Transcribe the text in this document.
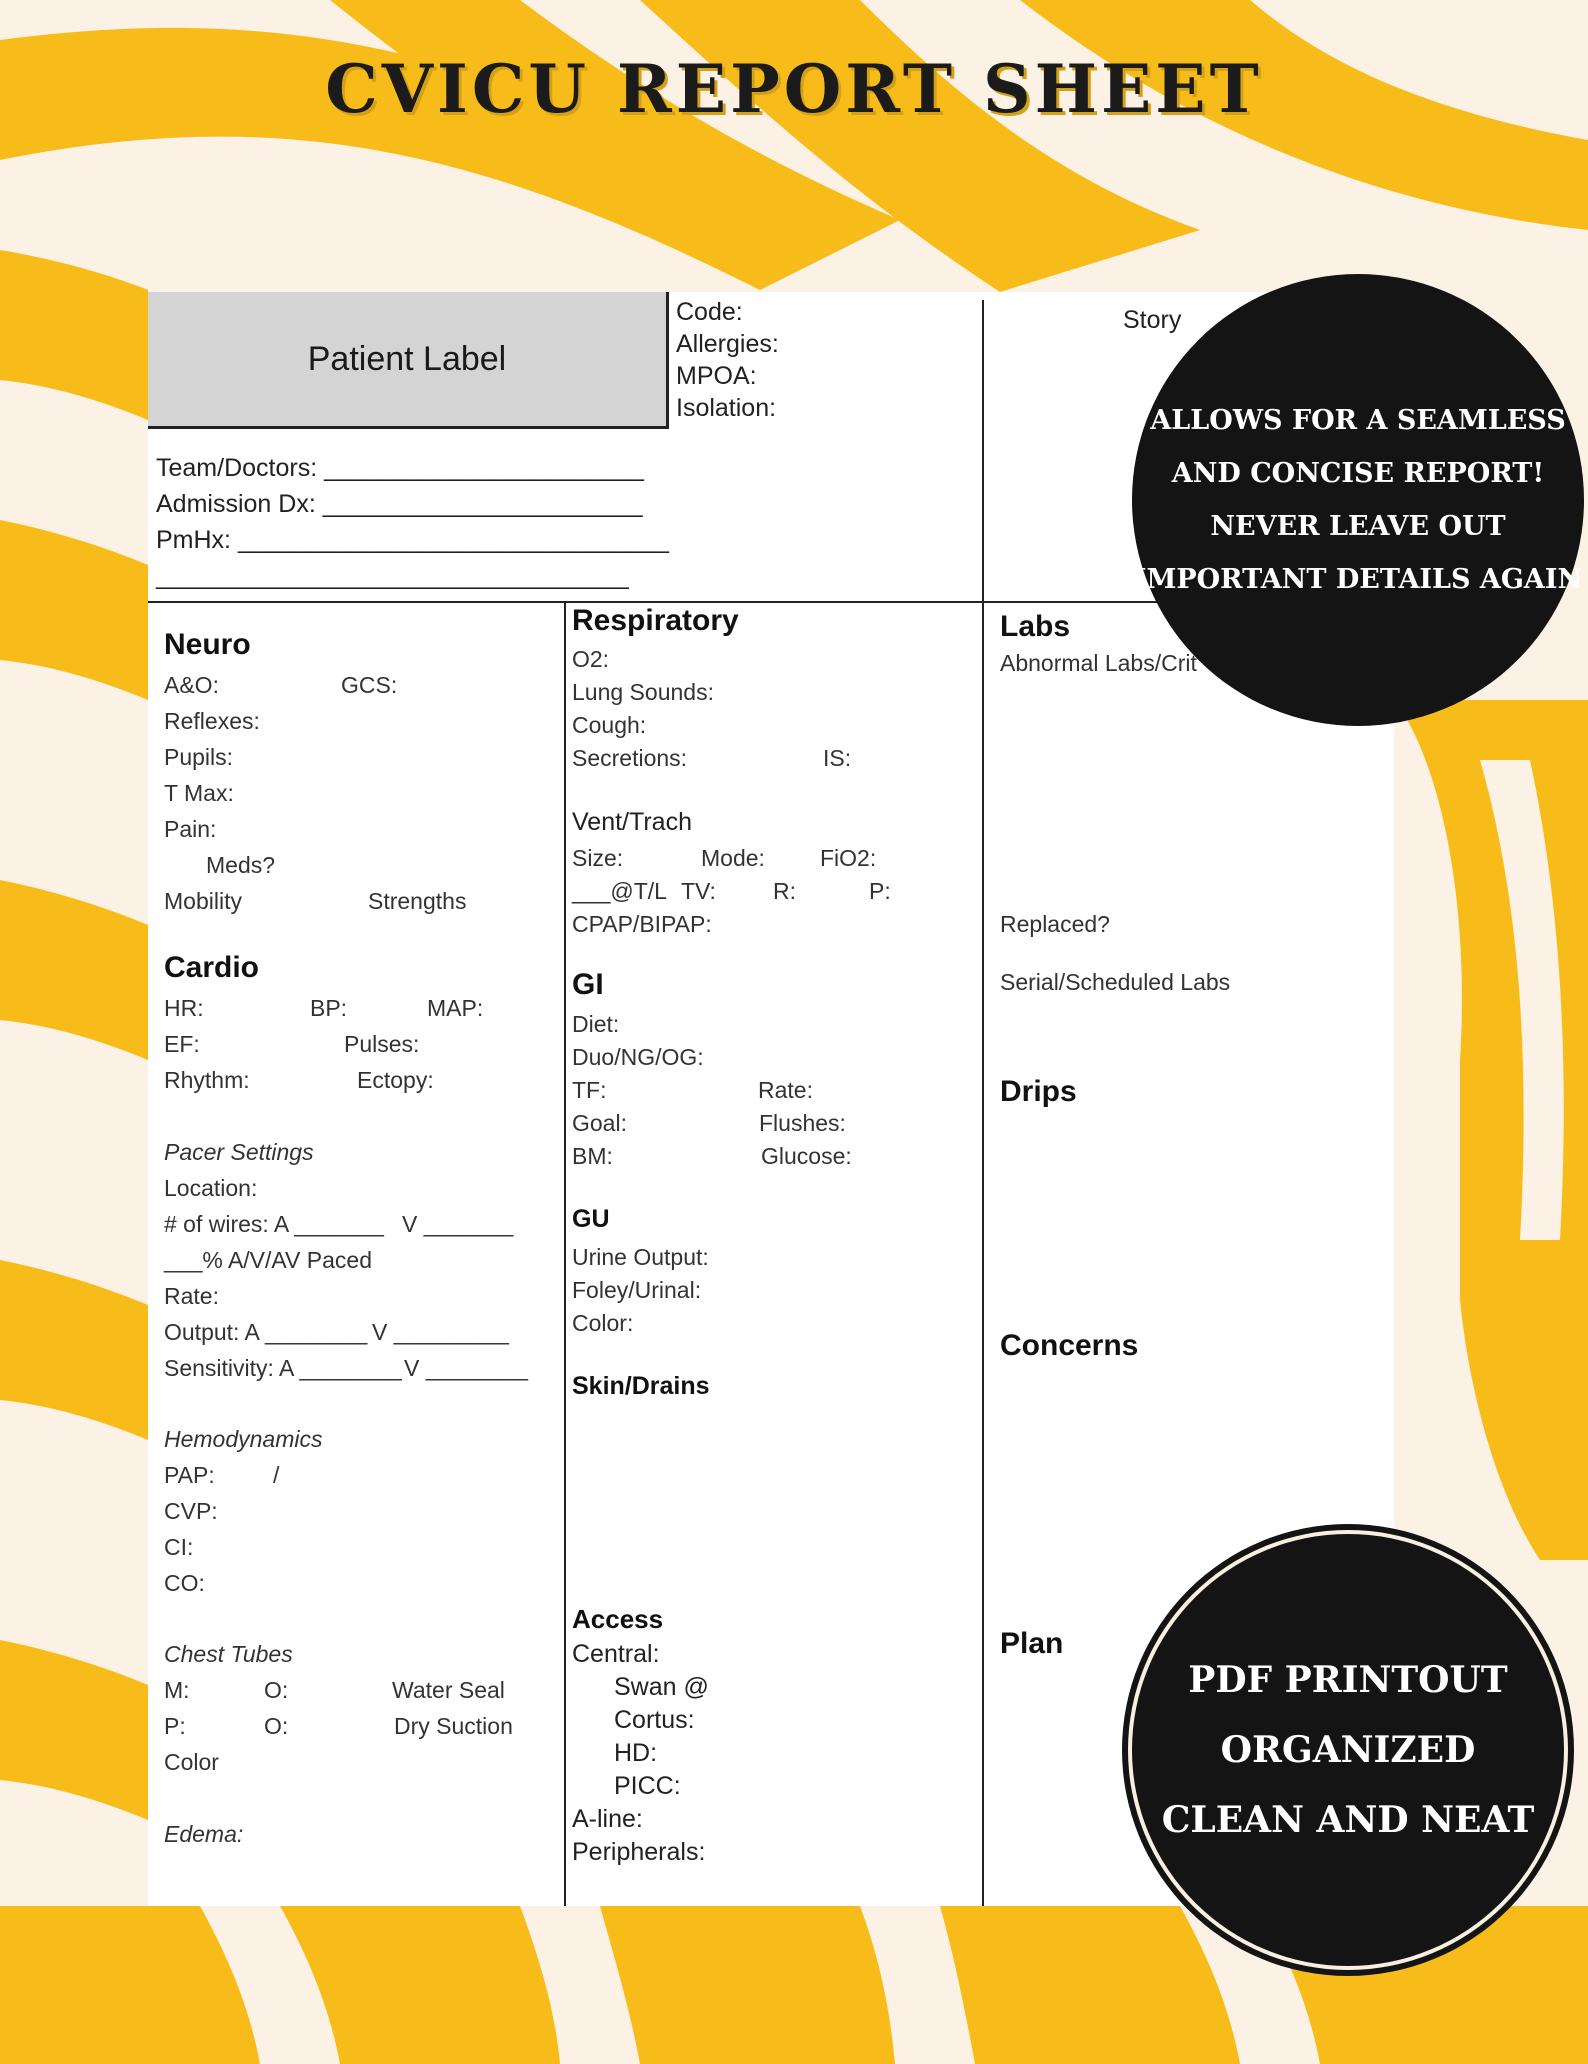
CVICU REPORT SHEET
Patient Label
Code:
Allergies:
MPOA:
Isolation:
Story
Team/Doctors: _______________________
Admission Dx: _______________________
PmHx: _______________________________
__________________________________
Neuro
A&O:	GCS:
Reflexes:
Pupils:
T Max:
Pain:
Meds?
Mobility	Strengths
Cardio
HR:	BP:	MAP:
EF:	Pulses:
Rhythm:	Ectopy:
Pacer Settings
Location:
# of wires: A _______ V _______
___% A/V/AV Paced
Rate:
Output: A ________ V _________
Sensitivity: A ________ V ________
Hemodynamics
PAP:	/
CVP:
CI:
CO:
Chest Tubes
M:	O:	Water Seal
P:	O:	Dry Suction
Color
Edema:
Respiratory
O2:
Lung Sounds:
Cough:
Secretions:	IS:
Vent/Trach
Size:	Mode: FiO2:
___@T/L TV: R:	P:
CPAP/BIPAP:
GI
Diet:
Duo/NG/OG:
TF:	Rate:
Goal:	Flushes:
BM:	Glucose:
GU
Urine Output:
Foley/Urinal:
Color:
Skin/Drains
Access
Central:
Swan @
Cortus:
HD:
PICC:
A-line:
Peripherals:
Labs
Abnormal Labs/Crit
Replaced?
Serial/Scheduled Labs
Drips
Concerns
Plan
ALLOWS FOR A SEAMLESS
AND CONCISE REPORT!
NEVER LEAVE OUT
IMPORTANT DETAILS AGAIN
PDF PRINTOUT
ORGANIZED
CLEAN AND NEAT
